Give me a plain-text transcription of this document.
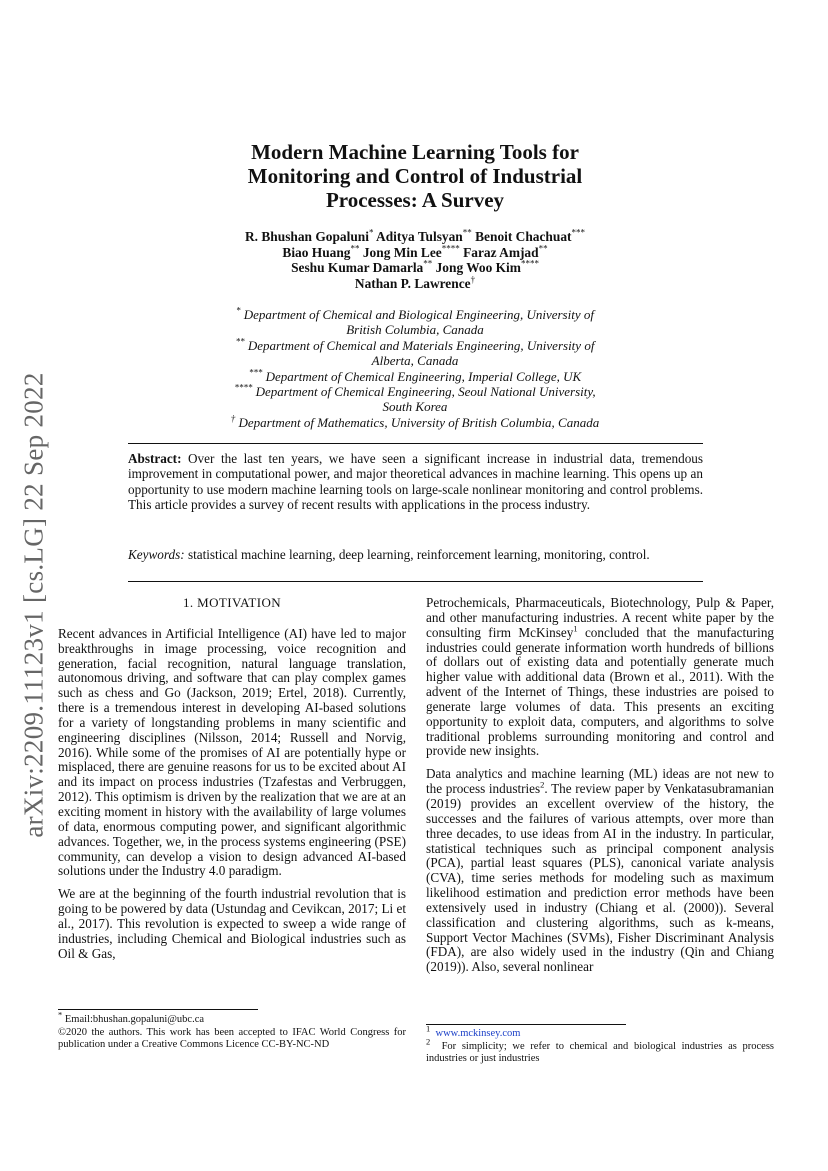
arXiv:2209.11123v1 [cs.LG] 22 Sep 2022
Modern Machine Learning Tools for
Monitoring and Control of Industrial
Processes: A Survey
R. Bhushan Gopaluni* Aditya Tulsyan** Benoit Chachuat***
Biao Huang** Jong Min Lee**** Faraz Amjad**
Seshu Kumar Damarla** Jong Woo Kim****
Nathan P. Lawrence†
* Department of Chemical and Biological Engineering, University of
British Columbia, Canada
** Department of Chemical and Materials Engineering, University of
Alberta, Canada
*** Department of Chemical Engineering, Imperial College, UK
**** Department of Chemical Engineering, Seoul National University,
South Korea
† Department of Mathematics, University of British Columbia, Canada
Abstract: Over the last ten years, we have seen a significant increase in industrial data, tremendous improvement in computational power, and major theoretical advances in machine learning. This opens up an opportunity to use modern machine learning tools on large-scale nonlinear monitoring and control problems. This article provides a survey of recent results with applications in the process industry.
Keywords: statistical machine learning, deep learning, reinforcement learning, monitoring, control.
1. MOTIVATION

Recent advances in Artificial Intelligence (AI) have led to major breakthroughs in image processing, voice recognition and generation, facial recognition, natural language translation, autonomous driving, and software that can play complex games such as chess and Go (Jackson, 2019; Ertel, 2018). Currently, there is a tremendous interest in developing AI-based solutions for a variety of longstanding problems in many scientific and engineering disciplines (Nilsson, 2014; Russell and Norvig, 2016). While some of the promises of AI are potentially hype or misplaced, there are genuine reasons for us to be excited about AI and its impact on process industries (Tzafestas and Verbruggen, 2012). This optimism is driven by the realization that we are at an exciting moment in history with the availability of large volumes of data, enormous computing power, and significant algorithmic advances. Together, we, in the process systems engineering (PSE) community, can develop a vision to design advanced AI-based solutions under the Industry 4.0 paradigm.

We are at the beginning of the fourth industrial revolution that is going to be powered by data (Ustundag and Cevikcan, 2017; Li et al., 2017). This revolution is expected to sweep a wide range of industries, including Chemical and Biological industries such as Oil & Gas,

* Email:bhushan.gopaluni@ubc.ca
©2020 the authors. This work has been accepted to IFAC World Congress for publication under a Creative Commons Licence CC-BY-NC-ND

Petrochemicals, Pharmaceuticals, Biotechnology, Pulp & Paper, and other manufacturing industries. A recent white paper by the consulting firm McKinsey$^1$ concluded that the manufacturing industries could generate information worth hundreds of billions of dollars out of existing data and potentially generate much higher value with additional data (Brown et al., 2011). With the advent of the Internet of Things, these industries are poised to generate large volumes of data. This presents an exciting opportunity to exploit data, computers, and algorithms to solve traditional problems surrounding monitoring and control and provide new insights.

Data analytics and machine learning (ML) ideas are not new to the process industries$^2$. The review paper by Venkatasubramanian (2019) provides an excellent overview of the history, the successes and the failures of various attempts, over more than three decades, to use ideas from AI in the industry. In particular, statistical techniques such as principal component analysis (PCA), partial least squares (PLS), canonical variate analysis (CVA), time series methods for modeling such as maximum likelihood estimation and prediction error methods have been extensively used in industry (Chiang et al. (2000)). Several classification and clustering algorithms, such as k-means, Support Vector Machines (SVMs), Fisher Discriminant Analysis (FDA), are also widely used in the industry (Qin and Chiang (2019)). Also, several nonlinear

$^1$ www.mckinsey.com
$^2$ For simplicity; we refer to chemical and biological industries as process industries or just industries
